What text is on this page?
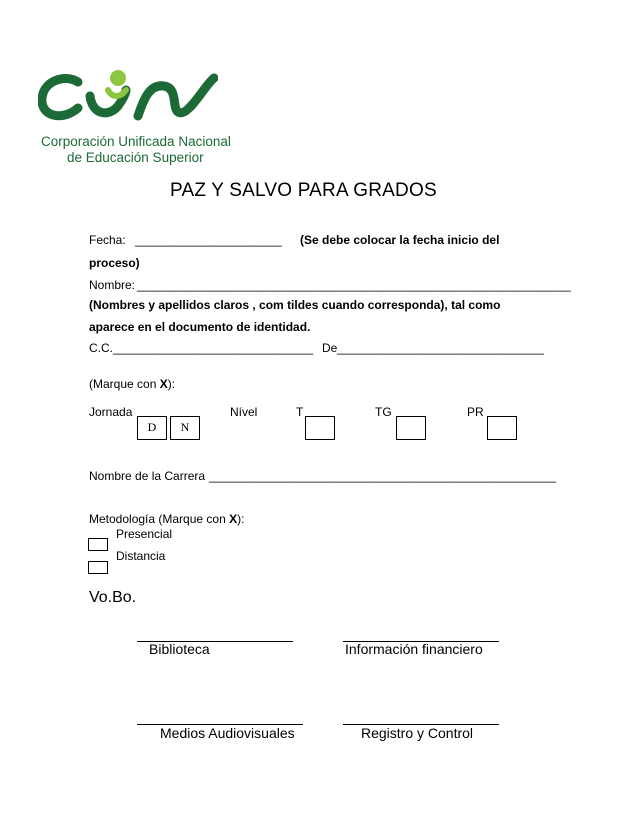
Corporación Unificada Nacional
de Educación Superior
PAZ Y SALVO PARA GRADOS
Fecha: ______________________ (Se debe colocar la fecha inicio del
proceso)
Nombre: _________________________________________________________________
(Nombres y apellidos claros , com tildes cuando corresponda), tal como
aparece en el documento de identidad.
C.C. ______________________________ De _______________________________
(Marque con X):
Jornada
D	N
Nível	T	TG	PR
Nombre de la Carrera ____________________________________________________
Metodología (Marque con X):
Presencial
Distancia
Vo.Bo.
Biblioteca	Información financiero
Medios Audiovisuales	Registro y Control
